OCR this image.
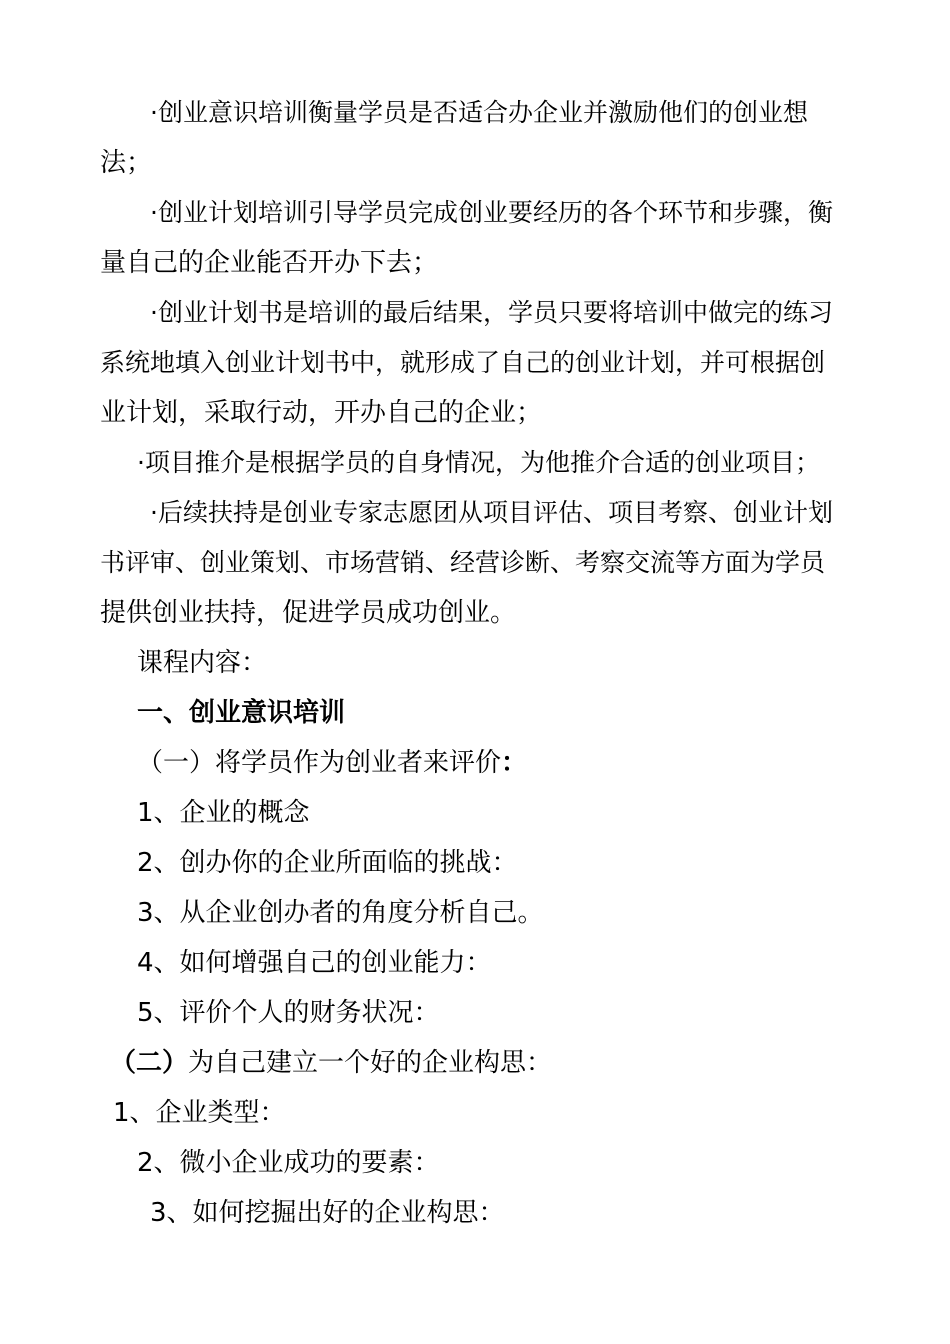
·创业意识培训衡量学员是否适合办企业并激励他们的创业想
法；
·创业计划培训引导学员完成创业要经历的各个环节和步骤，衡
量自己的企业能否开办下去；
·创业计划书是培训的最后结果，学员只要将培训中做完的练习
系统地填入创业计划书中，就形成了自己的创业计划，并可根据创
业计划，采取行动，开办自己的企业；
·项目推介是根据学员的自身情况，为他推介合适的创业项目；
·后续扶持是创业专家志愿团从项目评估、项目考察、创业计划
书评审、创业策划、市场营销、经营诊断、考察交流等方面为学员
提供创业扶持，促进学员成功创业。
课程内容：
一、创业意识培训
（一）将学员作为创业者来评价：
1、企业的概念
2、创办你的企业所面临的挑战：
3、从企业创办者的角度分析自己。
4、如何增强自己的创业能力：
5、评价个人的财务状况：
（二）为自己建立一个好的企业构思：
1、企业类型：
2、微小企业成功的要素：
3、如何挖掘出好的企业构思：
